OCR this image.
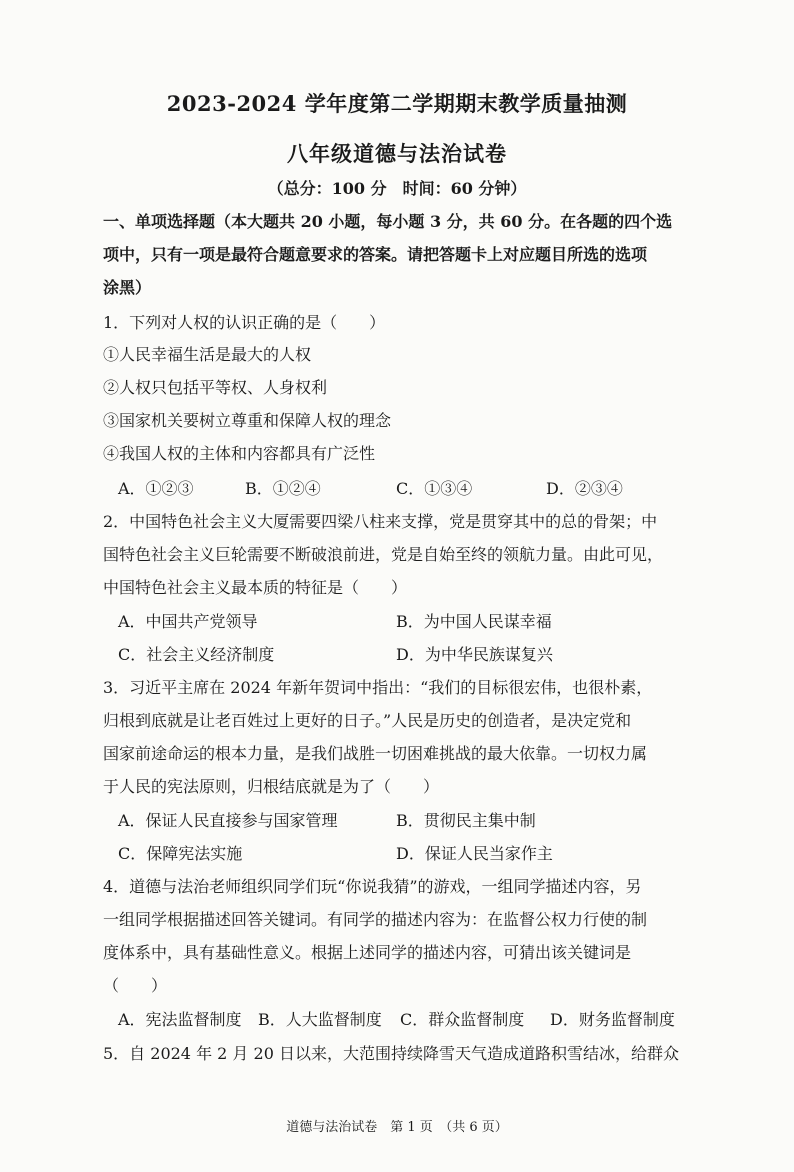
2023-2024 学年度第二学期期末教学质量抽测
八年级道德与法治试卷
（总分：100 分　时间：60 分钟）
一、单项选择题（本大题共 20 小题，每小题 3 分，共 60 分。在各题的四个选
项中，只有一项是最符合题意要求的答案。请把答题卡上对应题目所选的选项
涂黑）
1．下列对人权的认识正确的是（　　）
①人民幸福生活是最大的人权
②人权只包括平等权、人身权利
③国家机关要树立尊重和保障人权的理念
④我国人权的主体和内容都具有广泛性
A．①②③	B．①②④	C．①③④	D．②③④
2．中国特色社会主义大厦需要四梁八柱来支撑，党是贯穿其中的总的骨架；中
国特色社会主义巨轮需要不断破浪前进，党是自始至终的领航力量。由此可见，
中国特色社会主义最本质的特征是（　　）
A．中国共产党领导	B．为中国人民谋幸福
C．社会主义经济制度	D．为中华民族谋复兴
3．习近平主席在 2024 年新年贺词中指出：“我们的目标很宏伟，也很朴素，
归根到底就是让老百姓过上更好的日子。”人民是历史的创造者，是决定党和
国家前途命运的根本力量，是我们战胜一切困难挑战的最大依靠。一切权力属
于人民的宪法原则，归根结底就是为了（　　）
A．保证人民直接参与国家管理	B．贯彻民主集中制
C．保障宪法实施	D．保证人民当家作主
4．道德与法治老师组织同学们玩“你说我猜”的游戏，一组同学描述内容，另
一组同学根据描述回答关键词。有同学的描述内容为：在监督公权力行使的制
度体系中，具有基础性意义。根据上述同学的描述内容，可猜出该关键词是
（　　）
A．宪法监督制度 B．人大监督制度 C．群众监督制度 D．财务监督制度
5．自 2024 年 2 月 20 日以来，大范围持续降雪天气造成道路积雪结冰，给群众
道德与法治试卷　第 1 页　（共 6 页）
